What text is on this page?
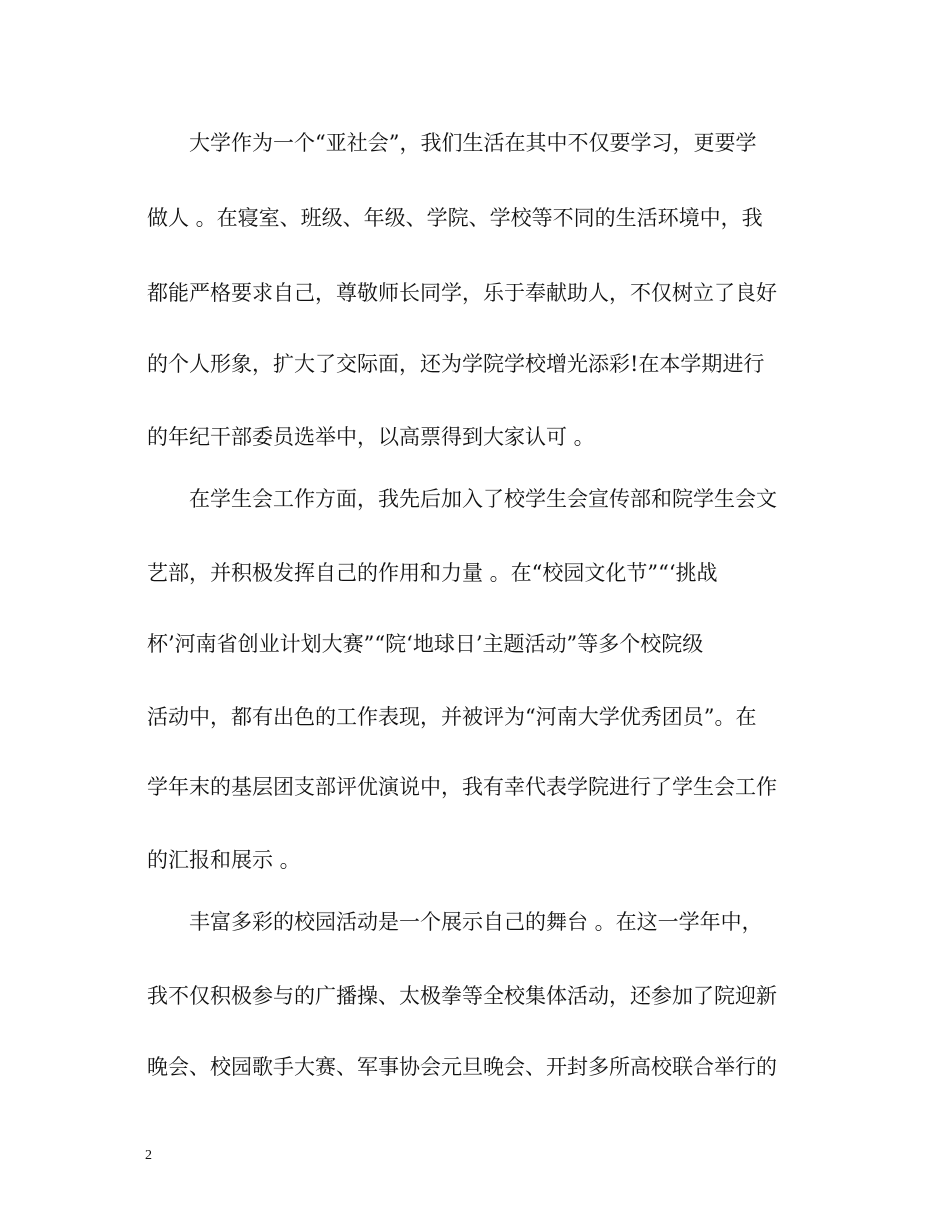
大学作为一个“亚社会”，我们生活在其中不仅要学习，更要学

做人 。在寝室、班级、年级、学院、学校等不同的生活环境中，我

都能严格要求自己，尊敬师长同学，乐于奉献助人，不仅树立了良好

的个人形象，扩大了交际面，还为学院学校增光添彩!在本学期进行

的年纪干部委员选举中，以高票得到大家认可 。

在学生会工作方面，我先后加入了校学生会宣传部和院学生会文

艺部，并积极发挥自己的作用和力量 。在“校园文化节”“‘挑战

杯’河南省创业计划大赛”“院‘地球日’主题活动”等多个校院级

活动中，都有出色的工作表现，并被评为“河南大学优秀团员”。在

学年末的基层团支部评优演说中，我有幸代表学院进行了学生会工作

的汇报和展示 。

丰富多彩的校园活动是一个展示自己的舞台 。在这一学年中，

我不仅积极参与的广播操、太极拳等全校集体活动，还参加了院迎新

晚会、校园歌手大赛、军事协会元旦晚会、开封多所高校联合举行的

2
